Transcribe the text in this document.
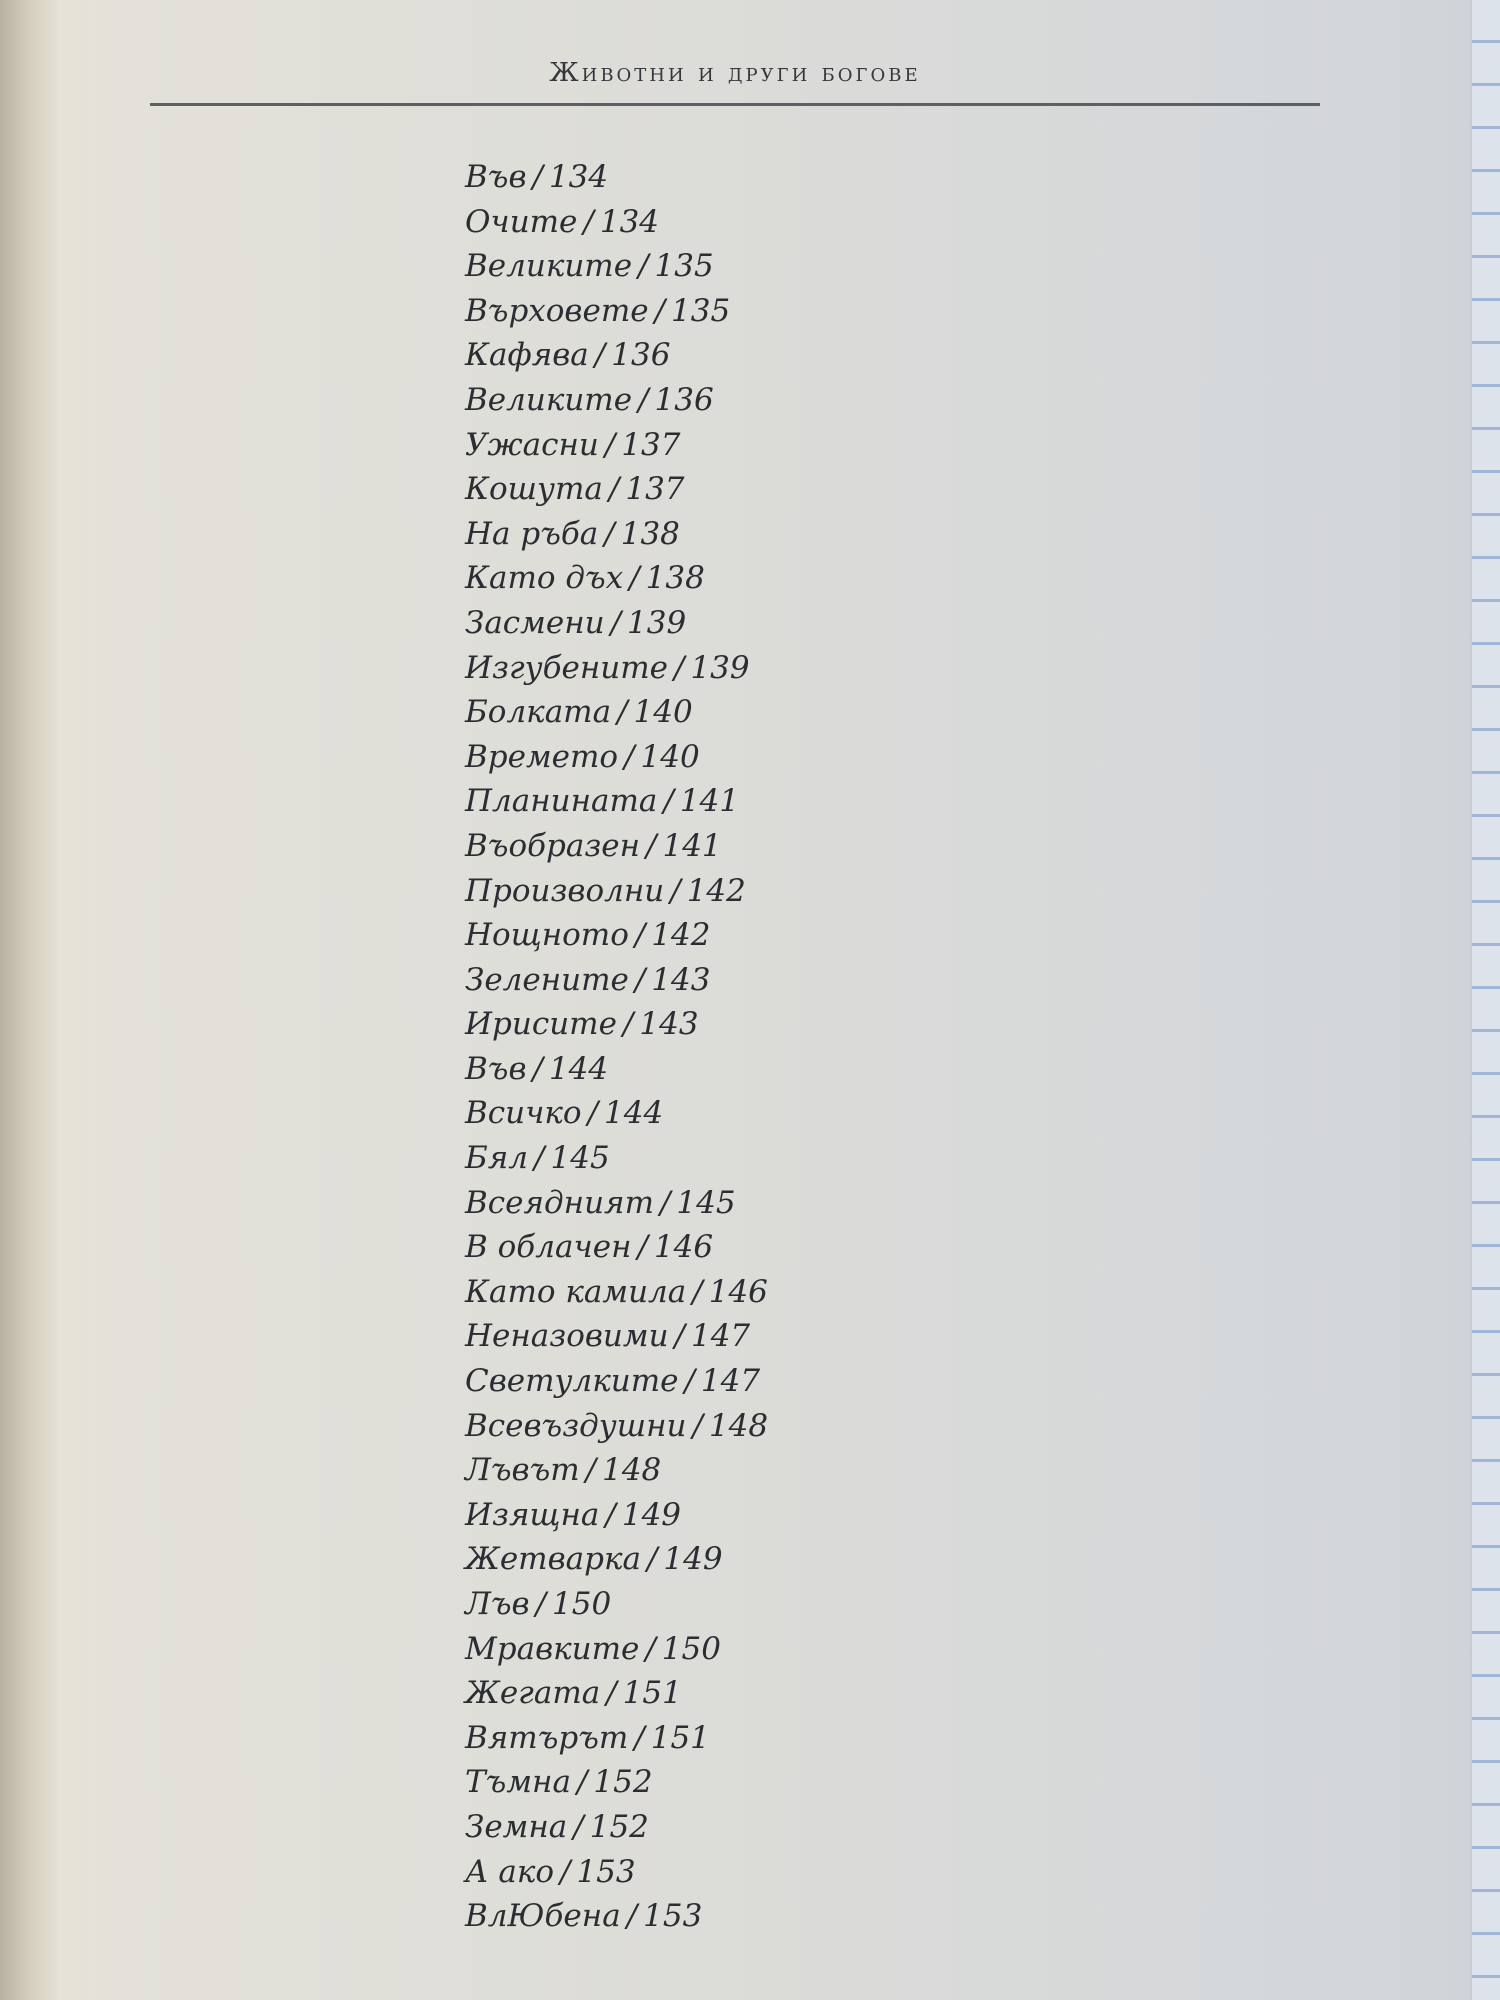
Животни и други богове
Във / 134
Очите / 134
Великите / 135
Върховете / 135
Кафява / 136
Великите / 136
Ужасни / 137
Кошута / 137
На ръба / 138
Като дъх / 138
Засмени / 139
Изгубените / 139
Болката / 140
Времето / 140
Планината / 141
Въобразен / 141
Произволни / 142
Нощното / 142
Зелените / 143
Ирисите / 143
Във / 144
Всичко / 144
Бял / 145
Всеядният / 145
В облачен / 146
Като камила / 146
Неназовими / 147
Светулките / 147
Всевъздушни / 148
Лъвът / 148
Изящна / 149
Жетварка / 149
Лъв / 150
Мравките / 150
Жегата / 151
Вятърът / 151
Тъмна / 152
Земна / 152
А ако / 153
ВлЮбена / 153
